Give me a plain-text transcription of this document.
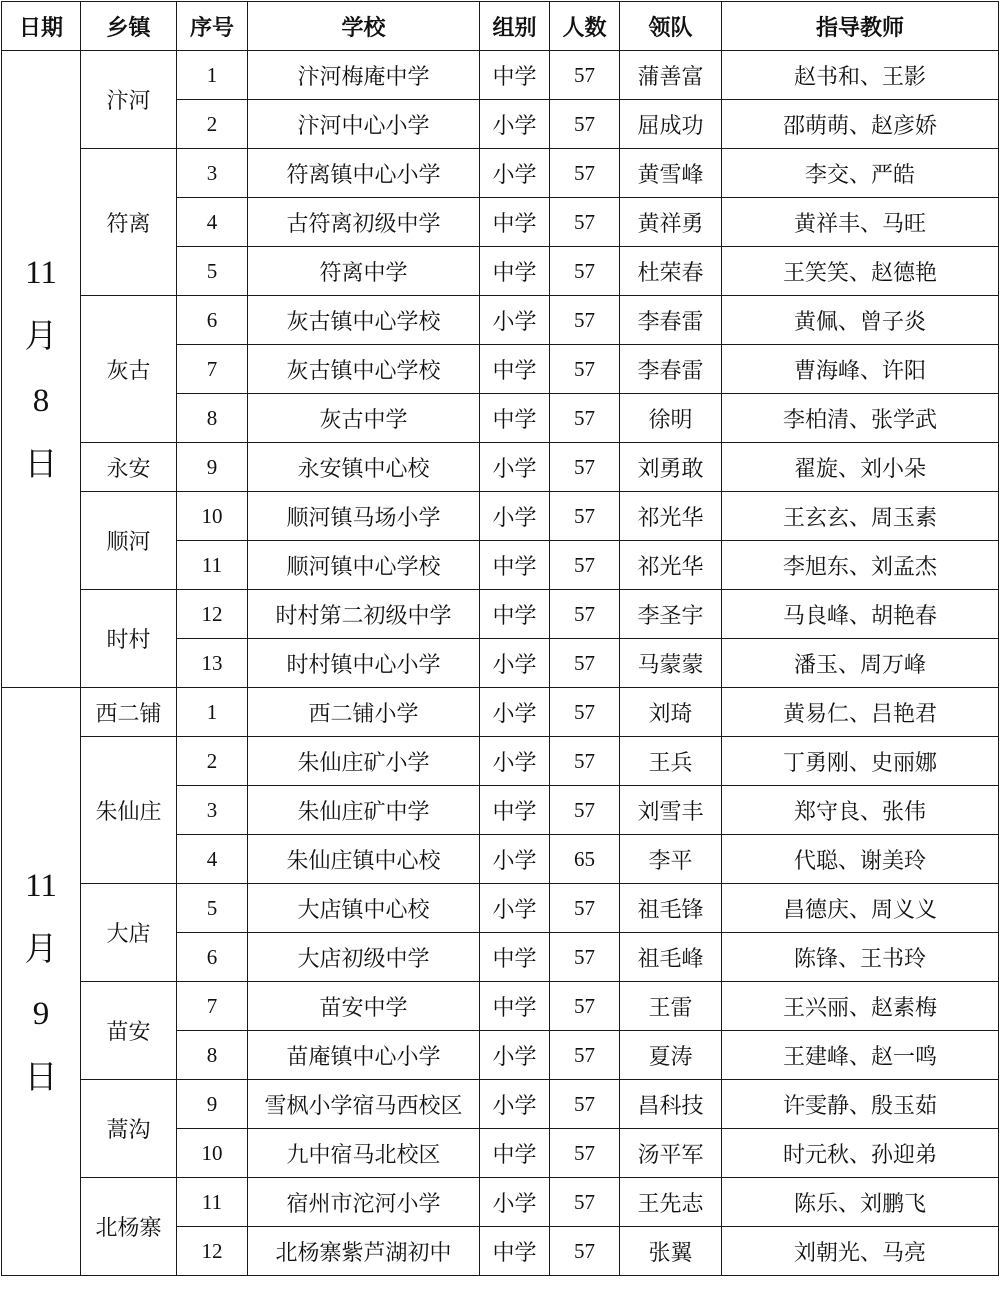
日期	乡镇	序号	学校	组别	人数	领队	指导教师

11
月
8
日	汴河	1	汴河梅庵中学	中学	57	蒲善富	赵书和、王影
		2	汴河中心小学	小学	57	屈成功	邵萌萌、赵彦娇
	符离	3	符离镇中心小学	小学	57	黄雪峰	李交、严皓
		4	古符离初级中学	中学	57	黄祥勇	黄祥丰、马旺
		5	符离中学	中学	57	杜荣春	王笑笑、赵德艳
	灰古	6	灰古镇中心学校	小学	57	李春雷	黄佩、曾子炎
		7	灰古镇中心学校	中学	57	李春雷	曹海峰、许阳
		8	灰古中学	中学	57	徐明	李柏清、张学武
	永安	9	永安镇中心校	小学	57	刘勇敢	翟旋、刘小朵
	顺河	10	顺河镇马场小学	小学	57	祁光华	王玄玄、周玉素
		11	顺河镇中心学校	中学	57	祁光华	李旭东、刘孟杰
	时村	12	时村第二初级中学	中学	57	李圣宇	马良峰、胡艳春
		13	时村镇中心小学	小学	57	马蒙蒙	潘玉、周万峰

11
月
9
日	西二铺	1	西二铺小学	小学	57	刘琦	黄易仁、吕艳君
	朱仙庄	2	朱仙庄矿小学	小学	57	王兵	丁勇刚、史丽娜
		3	朱仙庄矿中学	中学	57	刘雪丰	郑守良、张伟
		4	朱仙庄镇中心校	小学	65	李平	代聪、谢美玲
	大店	5	大店镇中心校	小学	57	祖毛锋	昌德庆、周义义
		6	大店初级中学	中学	57	祖毛峰	陈锋、王书玲
	苗安	7	苗安中学	中学	57	王雷	王兴丽、赵素梅
		8	苗庵镇中心小学	小学	57	夏涛	王建峰、赵一鸣
	蒿沟	9	雪枫小学宿马西校区	小学	57	昌科技	许雯静、殷玉茹
		10	九中宿马北校区	中学	57	汤平军	时元秋、孙迎弟
	北杨寨	11	宿州市沱河小学	小学	57	王先志	陈乐、刘鹏飞
		12	北杨寨紫芦湖初中	中学	57	张翼	刘朝光、马亮
